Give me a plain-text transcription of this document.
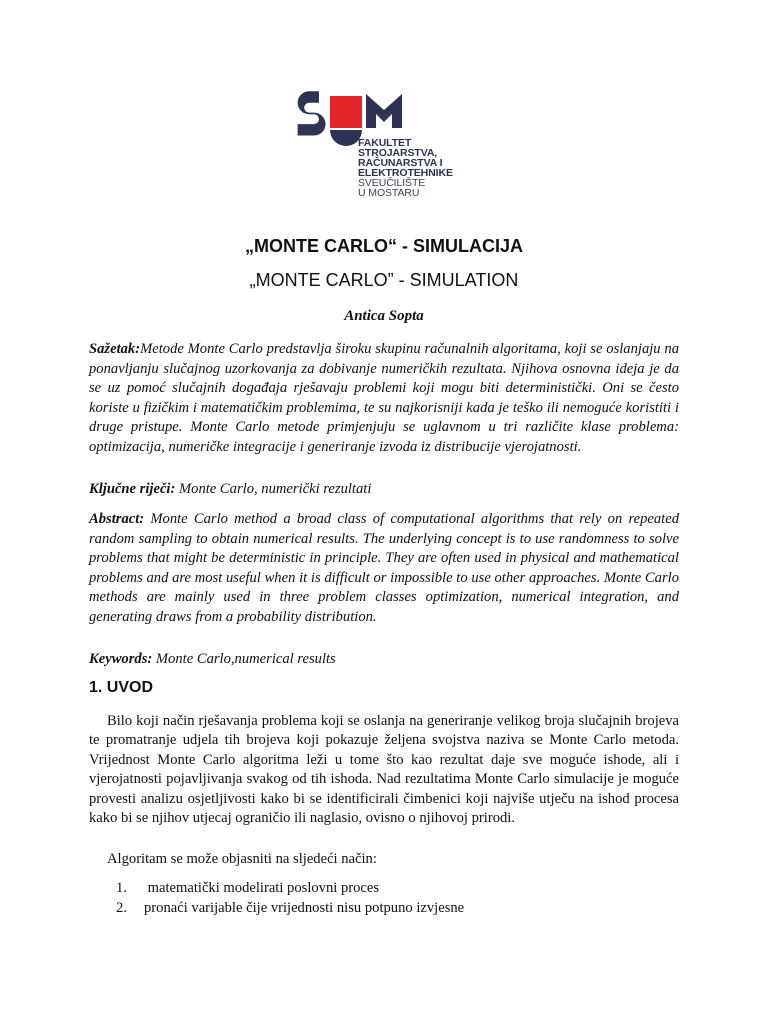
FAKULTET
STROJARSTVA,
RAČUNARSTVA I
ELEKTROTEHNIKE
SVEUČILIŠTE
U MOSTARU
„MONTE CARLO“ - SIMULACIJA
„MONTE CARLO” - SIMULATION
Antica Sopta
Sažetak:Metode Monte Carlo predstavlja široku skupinu računalnih algoritama, koji se oslanjaju na ponavljanju slučajnog uzorkovanja za dobivanje numeričkih rezultata. Njihova osnovna ideja je da se uz pomoć slučajnih događaja rješavaju problemi koji mogu biti deterministički. Oni se često koriste u fizičkim i matematičkim problemima, te su najkorisniji kada je teško ili nemoguće koristiti i druge pristupe. Monte Carlo metode primjenjuju se uglavnom u tri različite klase problema: optimizacija, numeričke integracije i generiranje izvoda iz distribucije vjerojatnosti.
Ključne riječi: Monte Carlo, numerički rezultati
Abstract: Monte Carlo method a broad class of computational algorithms that rely on repeated random sampling to obtain numerical results. The underlying concept is to use randomness to solve problems that might be deterministic in principle. They are often used in physical and mathematical problems and are most useful when it is difficult or impossible to use other approaches. Monte Carlo methods are mainly used in three problem classes optimization, numerical integration, and generating draws from a probability distribution.
Keywords: Monte Carlo,numerical results
1. UVOD
Bilo koji način rješavanja problema koji se oslanja na generiranje velikog broja slučajnih brojeva te promatranje udjela tih brojeva koji pokazuje željena svojstva naziva se Monte Carlo metoda. Vrijednost Monte Carlo algoritma leži u tome što kao rezultat daje sve moguće ishode, ali i vjerojatnosti pojavljivanja svakog od tih ishoda. Nad rezultatima Monte Carlo simulacije je moguće provesti analizu osjetljivosti kako bi se identificirali čimbenici koji najviše utječu na ishod procesa kako bi se njihov utjecaj ograničio ili naglasio, ovisno o njihovoj prirodi.
Algoritam se može objasniti na sljedeći način:
1. matematički modelirati poslovni proces
2. pronaći varijable čije vrijednosti nisu potpuno izvjesne
